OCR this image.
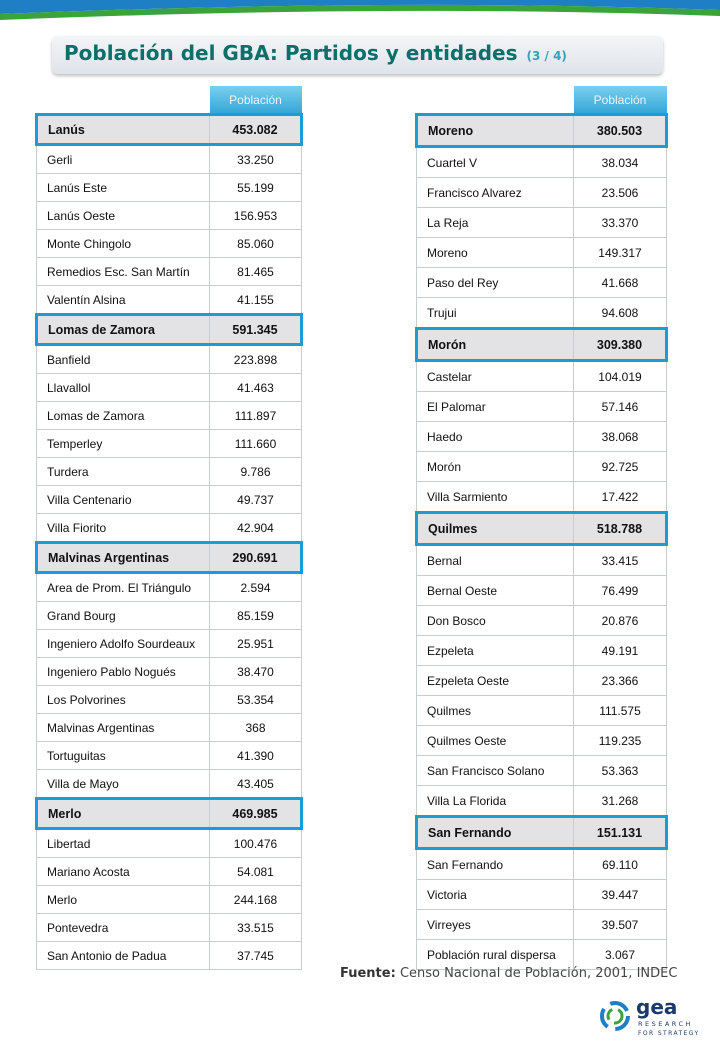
Población del GBA: Partidos y entidades (3 / 4)
	Población
Lanús	453.082
Gerli	33.250
Lanús Este	55.199
Lanús Oeste	156.953
Monte Chingolo	85.060
Remedios Esc. San Martín	81.465
Valentín Alsina	41.155
Lomas de Zamora	591.345
Banfield	223.898
Llavallol	41.463
Lomas de Zamora	111.897
Temperley	111.660
Turdera	9.786
Villa Centenario	49.737
Villa Fiorito	42.904
Malvinas Argentinas	290.691
Area de Prom. El Triángulo	2.594
Grand Bourg	85.159
Ingeniero Adolfo Sourdeaux	25.951
Ingeniero Pablo Nogués	38.470
Los Polvorines	53.354
Malvinas Argentinas	368
Tortuguitas	41.390
Villa de Mayo	43.405
Merlo	469.985
Libertad	100.476
Mariano Acosta	54.081
Merlo	244.168
Pontevedra	33.515
San Antonio de Padua	37.745
	Población
Moreno	380.503
Cuartel V	38.034
Francisco Alvarez	23.506
La Reja	33.370
Moreno	149.317
Paso del Rey	41.668
Trujui	94.608
Morón	309.380
Castelar	104.019
El Palomar	57.146
Haedo	38.068
Morón	92.725
Villa Sarmiento	17.422
Quilmes	518.788
Bernal	33.415
Bernal Oeste	76.499
Don Bosco	20.876
Ezpeleta	49.191
Ezpeleta Oeste	23.366
Quilmes	111.575
Quilmes Oeste	119.235
San Francisco Solano	53.363
Villa La Florida	31.268
San Fernando	151.131
San Fernando	69.110
Victoria	39.447
Virreyes	39.507
Población rural dispersa	3.067
Fuente: Censo Nacional de Población, 2001, INDEC
gea
RESEARCH
FOR STRATEGY
